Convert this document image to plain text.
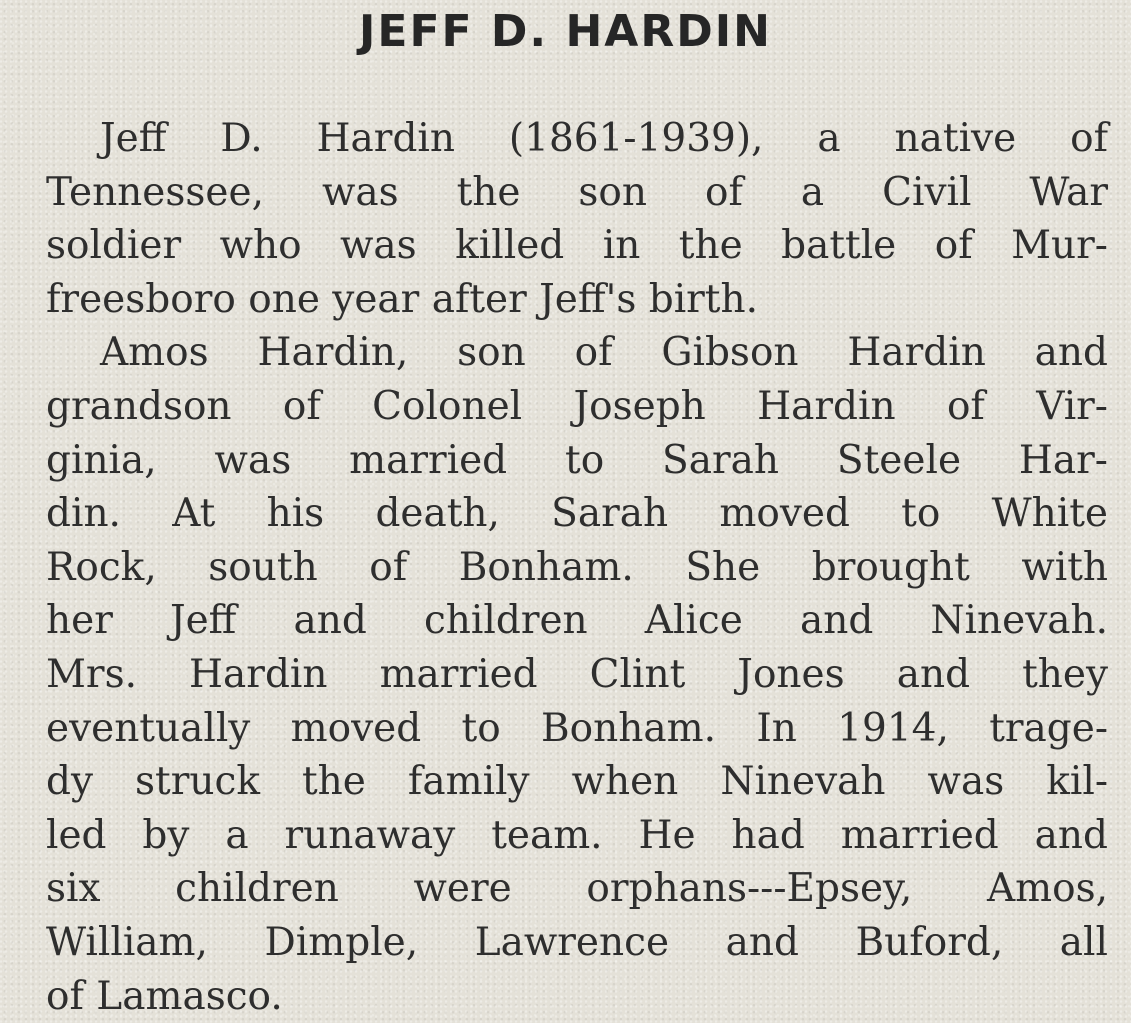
JEFF D. HARDIN
Jeff D. Hardin (1861-1939), a native of
Tennessee, was the son of a Civil War
soldier who was killed in the battle of Mur-
freesboro one year after Jeff's birth.
Amos Hardin, son of Gibson Hardin and
grandson of Colonel Joseph Hardin of Vir-
ginia, was married to Sarah Steele Har-
din. At his death, Sarah moved to White
Rock, south of Bonham. She brought with
her Jeff and children Alice and Ninevah.
Mrs. Hardin married Clint Jones and they
eventually moved to Bonham. In 1914, trage-
dy struck the family when Ninevah was kil-
led by a runaway team. He had married and
six children were orphans---Epsey, Amos,
William, Dimple, Lawrence and Buford, all
of Lamasco.
